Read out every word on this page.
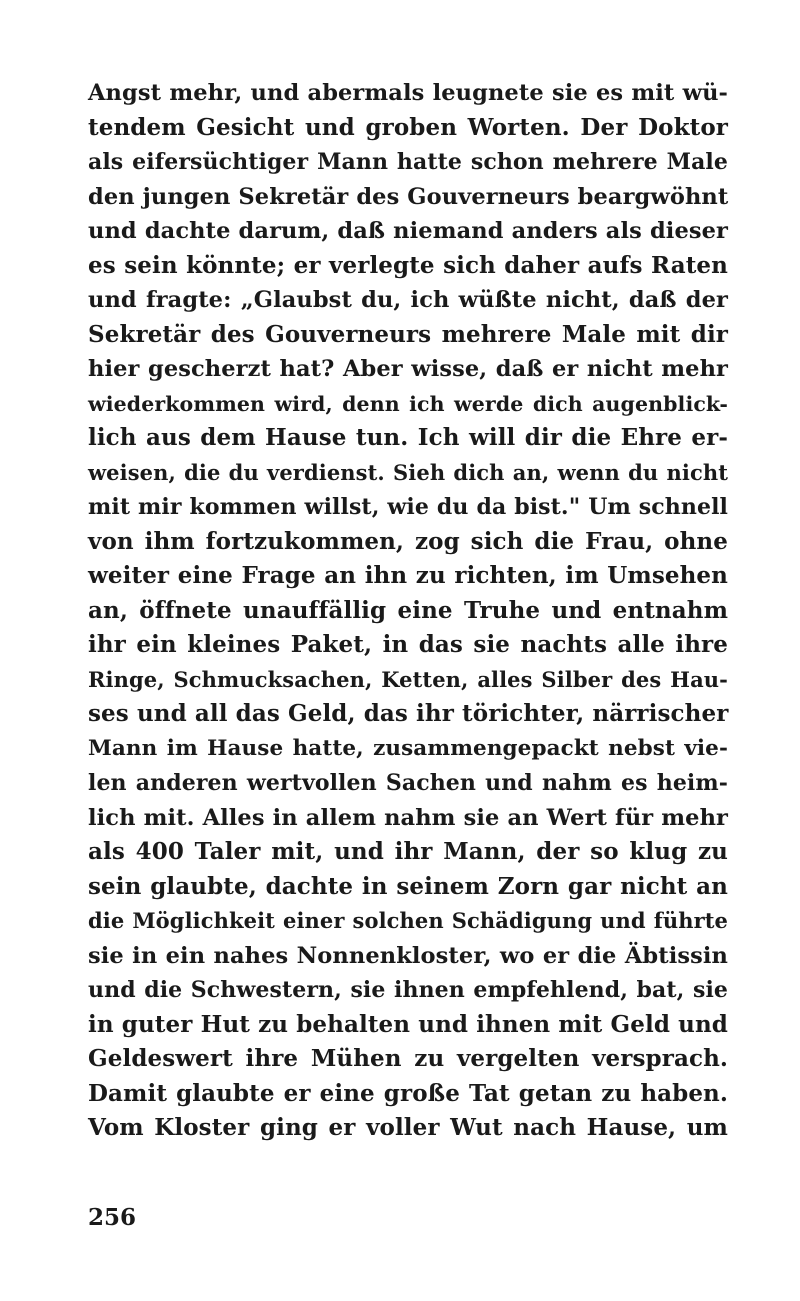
Angst mehr, und abermals leugnete sie es mit wü-
tendem Gesicht und groben Worten. Der Doktor
als eifersüchtiger Mann hatte schon mehrere Male
den jungen Sekretär des Gouverneurs beargwöhnt
und dachte darum, daß niemand anders als dieser
es sein könnte; er verlegte sich daher aufs Raten
und fragte: „Glaubst du, ich wüßte nicht, daß der
Sekretär des Gouverneurs mehrere Male mit dir
hier gescherzt hat? Aber wisse, daß er nicht mehr
wiederkommen wird, denn ich werde dich augenblick-
lich aus dem Hause tun. Ich will dir die Ehre er-
weisen, die du verdienst. Sieh dich an, wenn du nicht
mit mir kommen willst, wie du da bist." Um schnell
von ihm fortzukommen, zog sich die Frau, ohne
weiter eine Frage an ihn zu richten, im Umsehen
an, öffnete unauffällig eine Truhe und entnahm
ihr ein kleines Paket, in das sie nachts alle ihre
Ringe, Schmucksachen, Ketten, alles Silber des Hau-
ses und all das Geld, das ihr törichter, närrischer
Mann im Hause hatte, zusammengepackt nebst vie-
len anderen wertvollen Sachen und nahm es heim-
lich mit. Alles in allem nahm sie an Wert für mehr
als 400 Taler mit, und ihr Mann, der so klug zu
sein glaubte, dachte in seinem Zorn gar nicht an
die Möglichkeit einer solchen Schädigung und führte
sie in ein nahes Nonnenkloster, wo er die Äbtissin
und die Schwestern, sie ihnen empfehlend, bat, sie
in guter Hut zu behalten und ihnen mit Geld und
Geldeswert ihre Mühen zu vergelten versprach.
Damit glaubte er eine große Tat getan zu haben.
Vom Kloster ging er voller Wut nach Hause, um
256
